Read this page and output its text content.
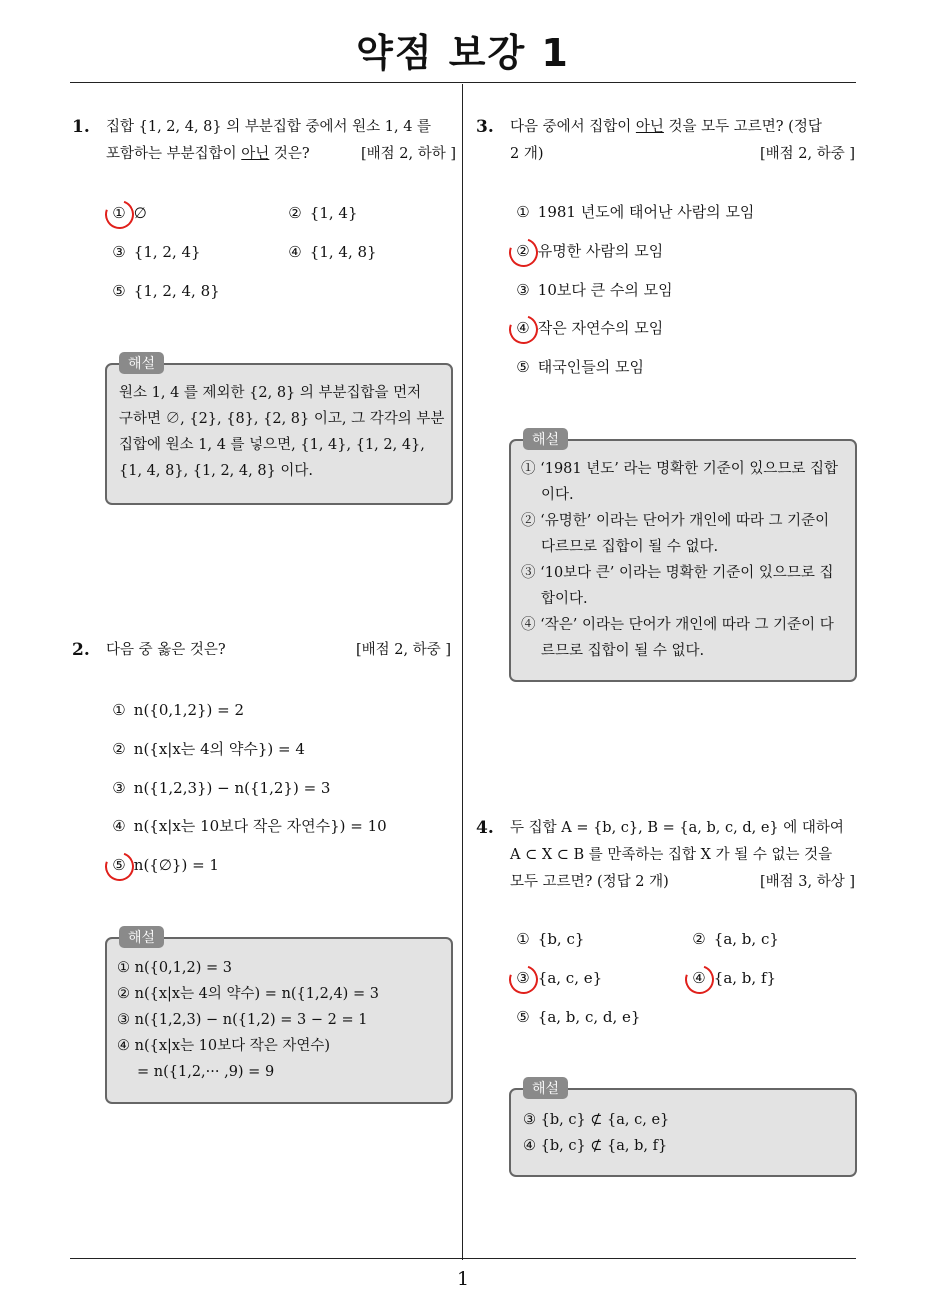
약점 보강 1
1
1. 집합 {1, 2, 4, 8} 의 부분집합 중에서 원소 1, 4 를
포함하는 부분집합이 아닌 것은?	[배점 2, 하하 ]
① ∅	② {1, 4}
③ {1, 2, 4}	④ {1, 4, 8}
⑤ {1, 2, 4, 8}
해설
원소 1, 4 를 제외한 {2, 8} 의 부분집합을 먼저
구하면 ∅, {2}, {8}, {2, 8} 이고, 그 각각의 부분
집합에 원소 1, 4 를 넣으면, {1, 4}, {1, 2, 4},
{1, 4, 8}, {1, 2, 4, 8} 이다.
2. 다음 중 옳은 것은?	[배점 2, 하중 ]
① n({0,1,2}) = 2
② n({x|x는 4의 약수}) = 4
③ n({1,2,3}) − n({1,2}) = 3
④ n({x|x는 10보다 작은 자연수}) = 10
⑤ n({∅}) = 1
해설
① n({0,1,2) = 3
② n({x|x는 4의 약수) = n({1,2,4) = 3
③ n({1,2,3) − n({1,2) = 3 − 2 = 1
④ n({x|x는 10보다 작은 자연수)
= n({1,2,··· ,9) = 9
3. 다음 중에서 집합이 아닌 것을 모두 고르면? (정답
2 개)	[배점 2, 하중 ]
① 1981 년도에 태어난 사람의 모임
② 유명한 사람의 모임
③ 10보다 큰 수의 모임
④ 작은 자연수의 모임
⑤ 태국인들의 모임
해설
① ‘1981 년도’ 라는 명확한 기준이 있으므로 집합
이다.
② ‘유명한’ 이라는 단어가 개인에 따라 그 기준이
다르므로 집합이 될 수 없다.
③ ‘10보다 큰’ 이라는 명확한 기준이 있으므로 집
합이다.
④ ‘작은’ 이라는 단어가 개인에 따라 그 기준이 다
르므로 집합이 될 수 없다.
4. 두 집합 A = {b, c}, B = {a, b, c, d, e} 에 대하여
A ⊂ X ⊂ B 를 만족하는 집합 X 가 될 수 없는 것을
모두 고르면? (정답 2 개)	[배점 3, 하상 ]
① {b, c}	② {a, b, c}
③ {a, c, e}	④ {a, b, f}
⑤ {a, b, c, d, e}
해설
③ {b, c} ⊄ {a, c, e}
④ {b, c} ⊄ {a, b, f}
